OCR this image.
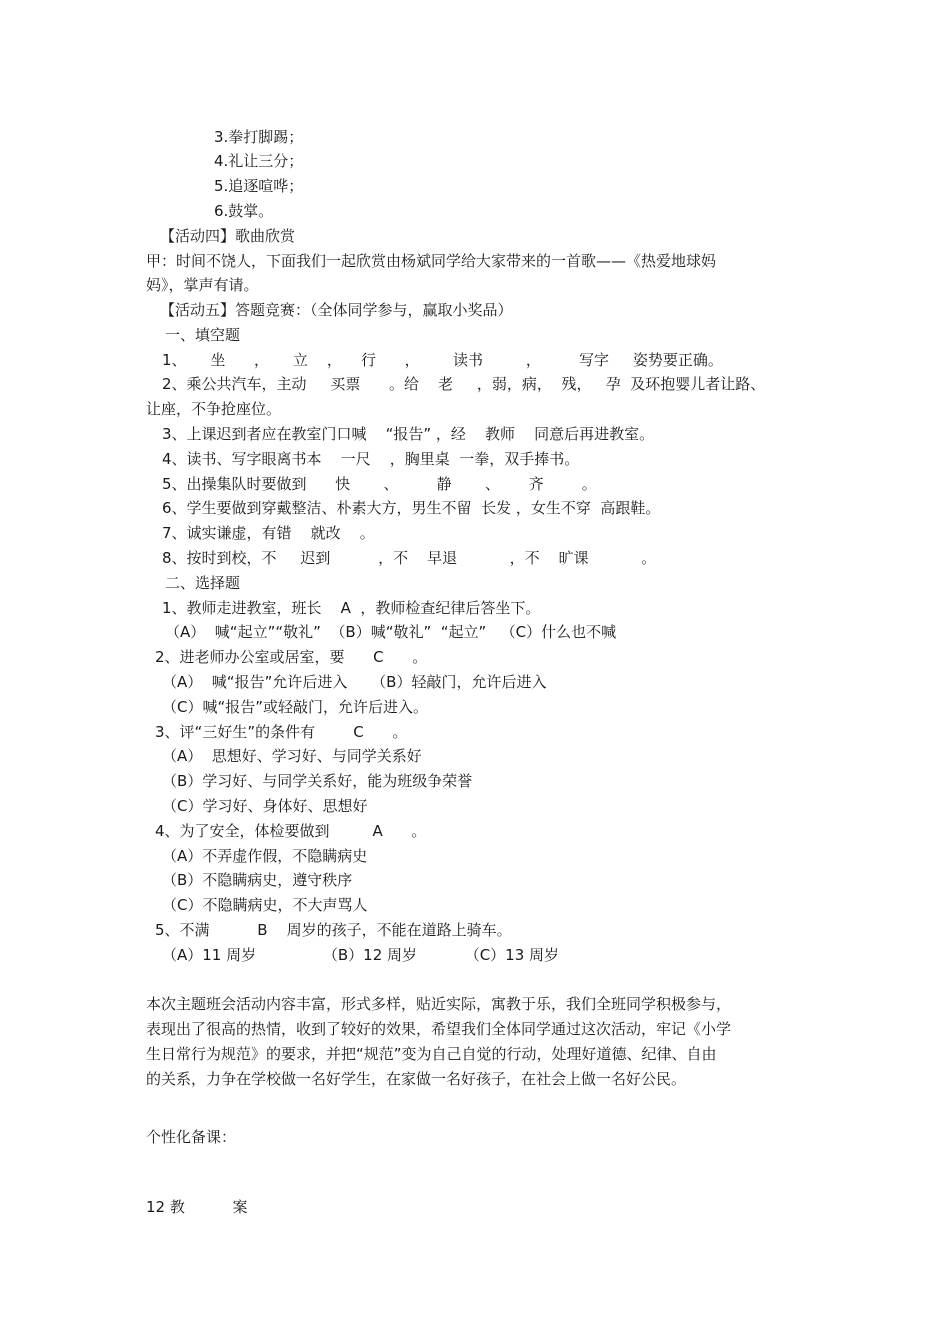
3.拳打脚踢；
4.礼让三分；
5.追逐喧哗；
6.鼓掌。
【活动四】歌曲欣赏
甲：时间不饶人，下面我们一起欣赏由杨斌同学给大家带来的一首歌——《热爱地球妈
妈》，掌声有请。
【活动五】答题竞赛：（全体同学参与，赢取小奖品）
一、填空题
1、     坐      ，     立    ，    行      ，       读书         ，        写字     姿势要正确。
2、乘公共汽车，主动     买票      。给    老     ，弱，病，  残，   孕  及环抱婴儿者让路、
让座，不争抢座位。
3、上课迟到者应在教室门口喊    “报告” ，经    教师    同意后再进教室。
4、读书、写字眼离书本    一尺    ，胸里桌  一拳，双手捧书。
5、出操集队时要做到      快       、        静       、      齐        。
6、学生要做到穿戴整洁、朴素大方，男生不留  长发 ，女生不穿  高跟鞋。
7、诚实谦虚，有错    就改    。
8、按时到校，不     迟到          ，不    早退           ，不    旷课           。
二、选择题
1、教师走进教室，班长    A  ，教师检查纪律后答坐下。
（A）  喊“起立”“敬礼”  （B）喊“敬礼”  “起立”   （C）什么也不喊
2、进老师办公室或居室，要      C      。
（A）  喊“报告”允许后进入     （B）轻敲门，允许后进入
（C）喊“报告”或轻敲门，允许后进入。
3、评“三好生”的条件有        C      。
（A）  思想好、学习好、与同学关系好
（B）学习好、与同学关系好，能为班级争荣誉
（C）学习好、身体好、思想好
4、为了安全，体检要做到         A      。
（A）不弄虚作假，不隐瞒病史
（B）不隐瞒病史，遵守秩序
（C）不隐瞒病史，不大声骂人
5、不满          B    周岁的孩子，不能在道路上骑车。
（A）11 周岁              （B）12 周岁          （C）13 周岁
本次主题班会活动内容丰富，形式多样，贴近实际，寓教于乐，我们全班同学积极参与，
表现出了很高的热情，收到了较好的效果，希望我们全体同学通过这次活动，牢记《小学
生日常行为规范》的要求，并把“规范”变为自己自觉的行动，处理好道德、纪律、自由
的关系，力争在学校做一名好学生，在家做一名好孩子，在社会上做一名好公民。
个性化备课：
12 教          案
